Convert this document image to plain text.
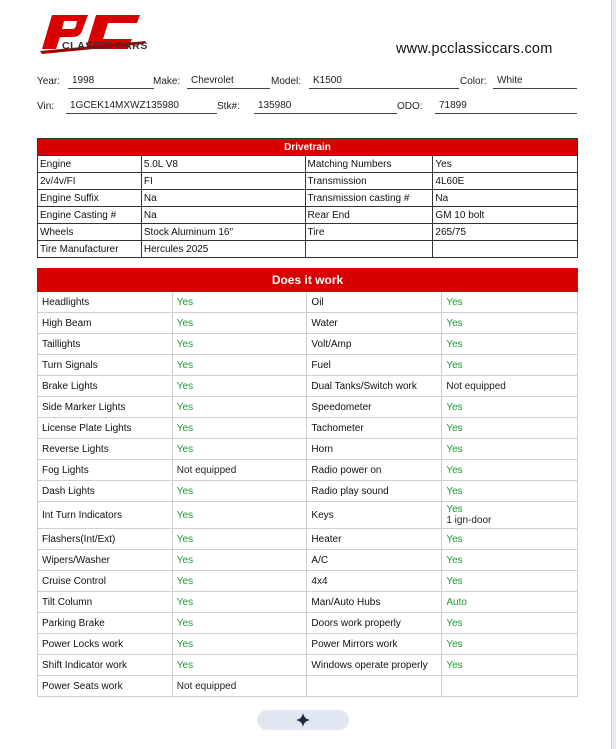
CLASSIC CARS	www.pcclassiccars.com
Year:	1998	Make:	Chevrolet	Model:	K1500	Color:	White
Vin:	1GCEK14MXWZ135980	Stk#:	135980	ODO:	71899
Drivetrain			
Engine	5.0L V8	Matching Numbers	Yes
2v/4v/FI	FI	Transmission	4L60E
Engine Suffix	Na	Transmission casting #	Na
Engine Casting #	Na	Rear End	GM 10 bolt
Wheels	Stock Aluminum 16"	Tire	265/75
Tire Manufacturer	Hercules 2025		
Does it work			
Headlights	Yes	Oil	Yes
High Beam	Yes	Water	Yes
Taillights	Yes	Volt/Amp	Yes
Turn Signals	Yes	Fuel	Yes
Brake Lights	Yes	Dual Tanks/Switch work	Not equipped
Side Marker Lights	Yes	Speedometer	Yes
License Plate Lights	Yes	Tachometer	Yes
Reverse Lights	Yes	Horn	Yes
Fog Lights	Not equipped	Radio power on	Yes
Dash Lights	Yes	Radio play sound	Yes
Int Turn Indicators	Yes	Keys	Yes
1 ign-door

Flashers(Int/Ext)	Yes	Heater	Yes
Wipers/Washer	Yes	A/C	Yes
Cruise Control	Yes	4x4	Yes
Tilt Column	Yes	Man/Auto Hubs	Auto
Parking Brake	Yes	Doors work properly	Yes
Power Locks work	Yes	Power Mirrors work	Yes
Shift Indicator work	Yes	Windows operate properly	Yes
Power Seats work	Not equipped		
